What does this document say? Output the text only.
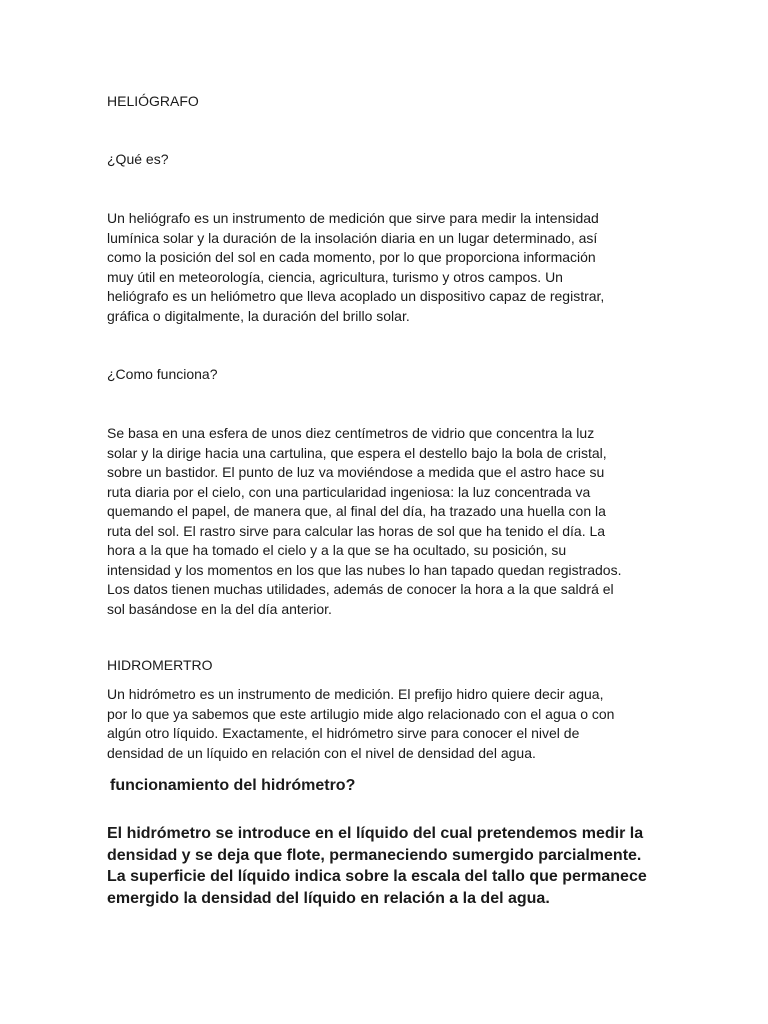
HELIÓGRAFO

¿Qué es?

Un heliógrafo es un instrumento de medición que sirve para medir la intensidad
lumínica solar y la duración de la insolación diaria en un lugar determinado, así
como la posición del sol en cada momento, por lo que proporciona información
muy útil en meteorología, ciencia, agricultura, turismo y otros campos. Un
heliógrafo es un heliómetro que lleva acoplado un dispositivo capaz de registrar,
gráfica o digitalmente, la duración del brillo solar.

¿Como funciona?

Se basa en una esfera de unos diez centímetros de vidrio que concentra la luz
solar y la dirige hacia una cartulina, que espera el destello bajo la bola de cristal,
sobre un bastidor. El punto de luz va moviéndose a medida que el astro hace su
ruta diaria por el cielo, con una particularidad ingeniosa: la luz concentrada va
quemando el papel, de manera que, al final del día, ha trazado una huella con la
ruta del sol. El rastro sirve para calcular las horas de sol que ha tenido el día. La
hora a la que ha tomado el cielo y a la que se ha ocultado, su posición, su
intensidad y los momentos en los que las nubes lo han tapado quedan registrados.
Los datos tienen muchas utilidades, además de conocer la hora a la que saldrá el
sol basándose en la del día anterior.

HIDROMERTRO

Un hidrómetro es un instrumento de medición. El prefijo hidro quiere decir agua,
por lo que ya sabemos que este artilugio mide algo relacionado con el agua o con
algún otro líquido. Exactamente, el hidrómetro sirve para conocer el nivel de
densidad de un líquido en relación con el nivel de densidad del agua.

funcionamiento del hidrómetro?

El hidrómetro se introduce en el líquido del cual pretendemos medir la
densidad y se deja que flote, permaneciendo sumergido parcialmente.
La superficie del líquido indica sobre la escala del tallo que permanece
emergido la densidad del líquido en relación a la del agua.
